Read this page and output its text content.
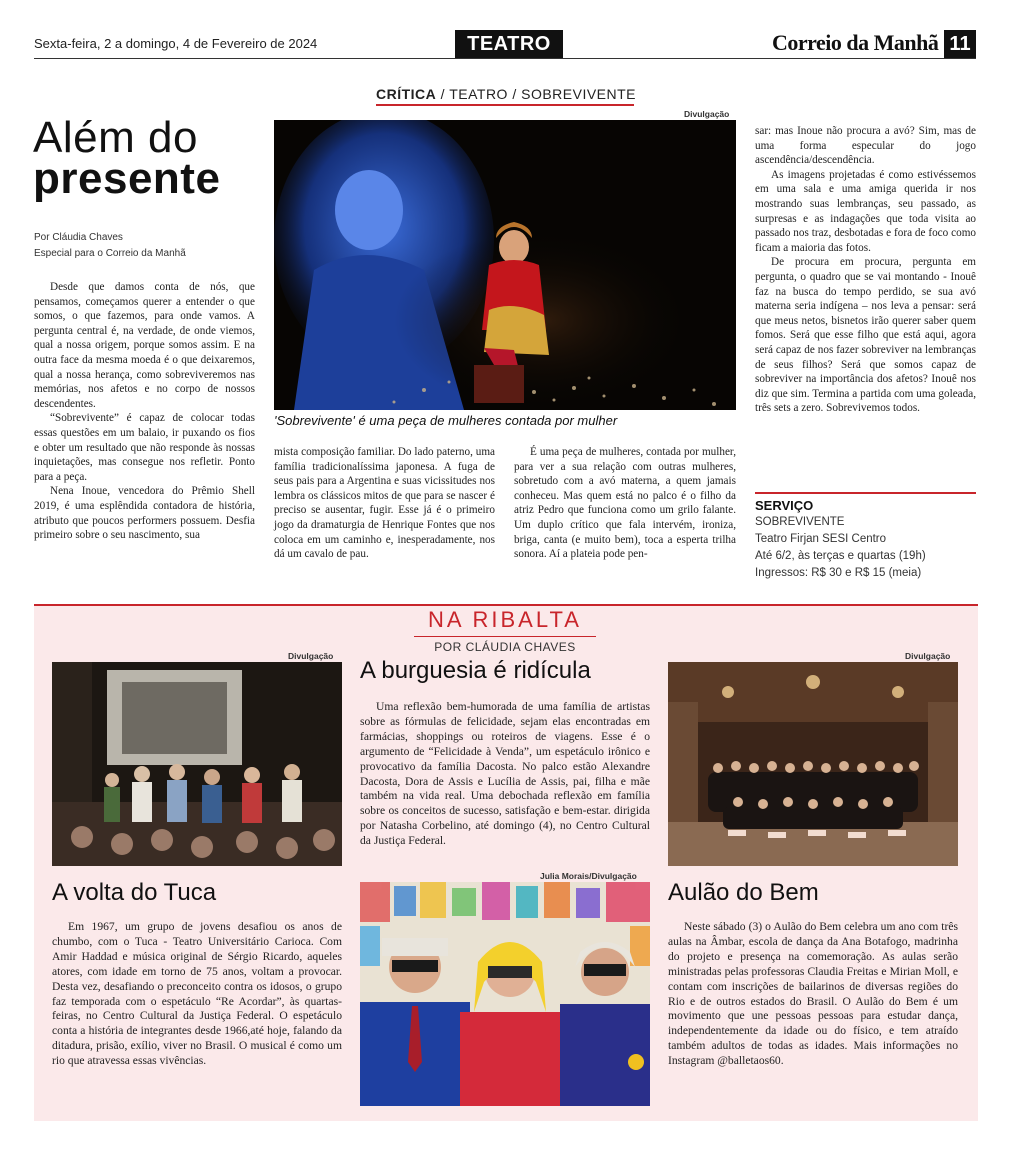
Sexta-feira, 2 a domingo, 4 de Fevereiro de 2024	TEATRO	Correio da Manhã 11
CRÍTICA / TEATRO / SOBREVIVENTE
Além do
presente
Por Cláudia Chaves
Especial para o Correio da Manhã

Desde que damos conta de nós, que pensamos, começamos querer a entender o que somos, o que fazemos, para onde vamos. A pergunta central é, na verdade, de onde viemos, qual a nossa origem, porque somos assim. E na outra face da mesma moeda é o que deixaremos, qual a nossa herança, como sobreviveremos nas memórias, nos afetos e no corpo de nossos descendentes.

“Sobrevivente” é capaz de colocar todas essas questões em um balaio, ir puxando os fios e obter um resultado que não responde às nossas inquietações, mas consegue nos refletir. Ponto para a peça.

Nena Inoue, vencedora do Prêmio Shell 2019, é uma esplêndida contadora de história, atributo que poucos performers possuem. Desfia primeiro sobre o seu nascimento, sua

Divulgação
'Sobrevivente' é uma peça de mulheres contada por mulher

mista composição familiar. Do lado paterno, uma família tradicionalíssima japonesa. A fuga de seus pais para a Argentina e suas vicissitudes nos lembra os clássicos mitos de que para se nascer é preciso se ausentar, fugir. Esse já é o primeiro jogo da dramaturgia de Henrique Fontes que nos coloca em um caminho e, inesperadamente, nos dá um cavalo de pau.

É uma peça de mulheres, contada por mulher, para ver a sua relação com outras mulheres, sobretudo com a avó materna, a quem jamais conheceu. Mas quem está no palco é o filho da atriz Pedro que funciona como um grilo falante. Um duplo crítico que fala intervém, ironiza, briga, canta (e muito bem), toca a esperta trilha sonora. Aí a plateia pode pen-

sar: mas Inoue não procura a avó? Sim, mas de uma forma especular do jogo ascendência/descendência.

As imagens projetadas é como estivéssemos em uma sala e uma amiga querida ir nos mostrando suas lembranças, seu passado, as surpresas e as indagações que toda visita ao passado nos traz, desbotadas e fora de foco como ficam a maioria das fotos.

De procura em procura, pergunta em pergunta, o quadro que se vai montando - Inouê faz na busca do tempo perdido, se sua avó materna seria indígena – nos leva a pensar: será que meus netos, bisnetos irão querer saber quem fomos. Será que esse filho que está aqui, agora será capaz de nos fazer sobreviver na lembranças de seus filhos? Será que somos capaz de sobreviver na importância dos afetos? Inouê nos diz que sim. Termina a partida com uma goleada, três sets a zero. Sobrevivemos todos.

SERVIÇO
SOBREVIVENTE
Teatro Firjan SESI Centro
Até 6/2, às terças e quartas (19h)
Ingressos: R$ 30 e R$ 15 (meia)
NA RIBALTA
POR CLÁUDIA CHAVES
Divulgação
A volta do Tuca

Em 1967, um grupo de jovens desafiou os anos de chumbo, com o Tuca - Teatro Universitário Carioca. Com Amir Haddad e música original de Sérgio Ricardo, aqueles atores, com idade em torno de 75 anos, voltam a provocar. Desta vez, desafiando o preconceito contra os idosos, o grupo faz temporada com o espetáculo “Re Acordar”, às quartas-feiras, no Centro Cultural da Justiça Federal. O espetáculo conta a história de integrantes desde 1966,até hoje, falando da ditadura, prisão, exílio, viver no Brasil. O musical é como um rio que atravessa essas vivências.

A burguesia é ridícula

Uma reflexão bem-humorada de uma família de artistas sobre as fórmulas de felicidade, sejam elas encontradas em farmácias, shoppings ou roteiros de viagens. Esse é o argumento de “Felicidade à Venda”, um espetáculo irônico e provocativo da família Dacosta. No palco estão Alexandre Dacosta, Dora de Assis e Lucília de Assis, pai, filha e mãe também na vida real. Uma debochada reflexão em família sobre os conceitos de sucesso, satisfação e bem-estar. dirigida por Natasha Corbelino, até domingo (4), no Centro Cultural da Justiça Federal.

Julia Morais/Divulgação
Divulgação
Aulão do Bem

Neste sábado (3) o Aulão do Bem celebra um ano com três aulas na Âmbar, escola de dança da Ana Botafogo, madrinha do projeto e presença na comemoração. As aulas serão ministradas pelas professoras Claudia Freitas e Mirian Moll, e contam com inscrições de bailarinos de diversas regiões do Rio e de outros estados do Brasil. O Aulão do Bem é um movimento que une pessoas pessoas para estudar dança, independentemente da idade ou do físico, e tem atraído também adultos de todas as idades. Mais informações no Instagram @balletaos60.
